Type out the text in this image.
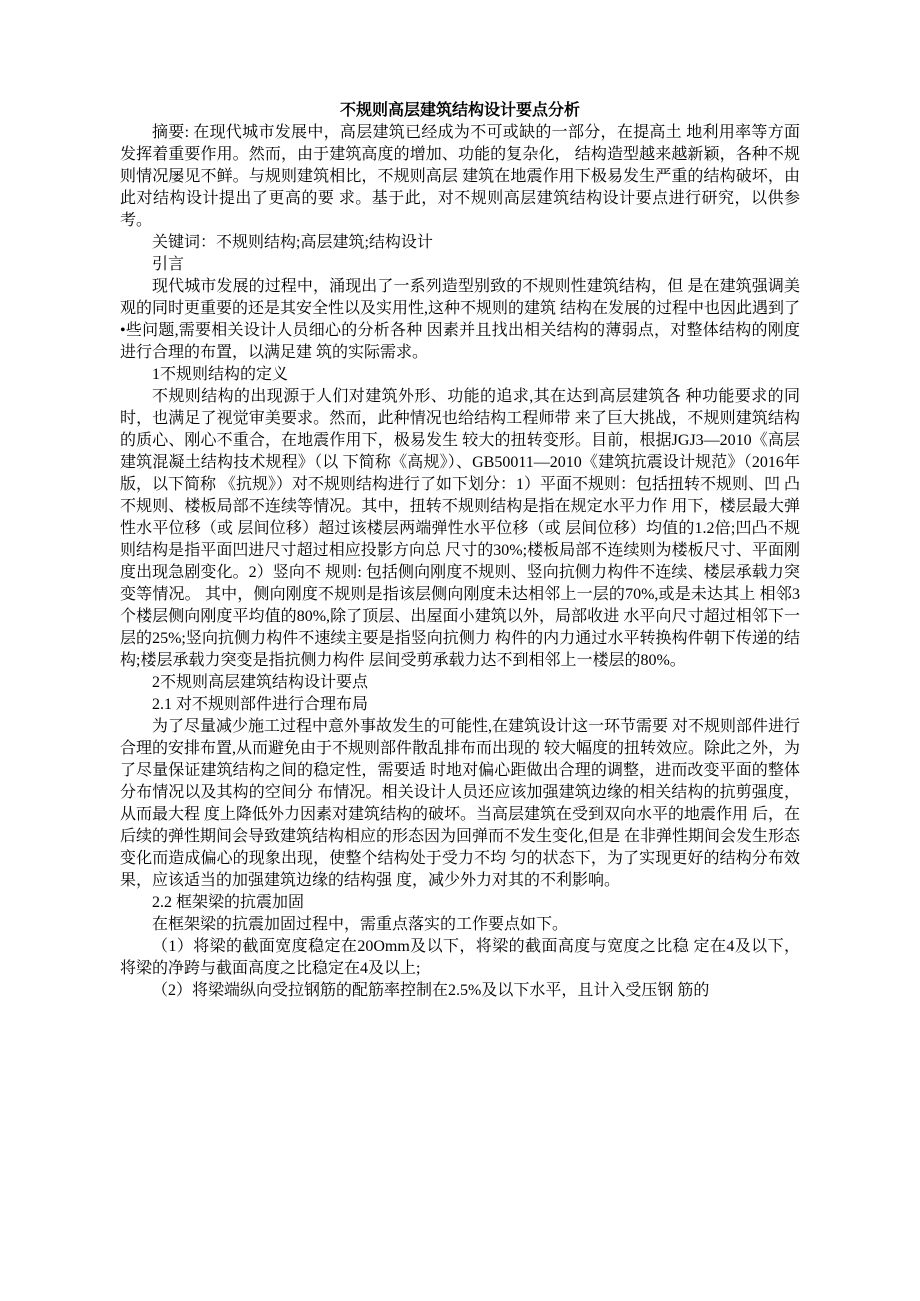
不规则高层建筑结构设计要点分析

摘要: 在现代城市发展中，高层建筑已经成为不可或缺的一部分，在提高土 地利用率等方面发挥着重要作用。然而，由于建筑高度的增加、功能的复杂化， 结构造型越来越新颖，各种不规则情况屡见不鲜。与规则建筑相比，不规则高层 建筑在地震作用下极易发生严重的结构破坏，由此对结构设计提出了更高的要 求。基于此，对不规则高层建筑结构设计要点进行研究，以供参考。

关键词：不规则结构;高层建筑;结构设计

引言

现代城市发展的过程中，涌现出了一系列造型别致的不规则性建筑结构，但 是在建筑强调美观的同时更重要的还是其安全性以及实用性,这种不规则的建筑 结构在发展的过程中也因此遇到了 •些问题,需要相关设计人员细心的分析各种 因素并且找出相关结构的薄弱点，对整体结构的刚度进行合理的布置，以满足建 筑的实际需求。

1不规则结构的定义

不规则结构的出现源于人们对建筑外形、功能的追求,其在达到高层建筑各 种功能要求的同时，也满足了视觉审美要求。然而，此种情况也给结构工程师带 来了巨大挑战，不规则建筑结构的质心、刚心不重合，在地震作用下，极易发生 较大的扭转变形。目前，根据JGJ3—2010《高层建筑混凝土结构技术规程》（以 下简称《高规》）、GB50011—2010《建筑抗震设计规范》（2016年版，以下简称 《抗规》）对不规则结构进行了如下划分：1）平面不规则：包括扭转不规则、凹 凸不规则、楼板局部不连续等情况。其中，扭转不规则结构是指在规定水平力作 用下，楼层最大弹性水平位移（或 层间位移）超过该楼层两端弹性水平位移（或 层间位移）均值的1.2倍;凹凸不规则结构是指平面凹进尺寸超过相应投影方向总 尺寸的30%;楼板局部不连续则为楼板尺寸、平面刚度出现急剧变化。2）竖向不 规则: 包括侧向刚度不规则、竖向抗侧力构件不连续、楼层承载力突变等情况。 其中，侧向刚度不规则是指该层侧向刚度未达相邻上一层的70%,或是未达其上 相邻3个楼层侧向刚度平均值的80%,除了顶层、出屋面小建筑以外，局部收进 水平向尺寸超过相邻下一层的25%;竖向抗侧力构件不速续主要是指竖向抗侧力 构件的内力通过水平转换构件朝下传递的结构;楼层承载力突变是指抗侧力构件 层间受剪承载力达不到相邻上一楼层的80%。

2不规则高层建筑结构设计要点

2.1 对不规则部件进行合理布局

为了尽量减少施工过程中意外事故发生的可能性,在建筑设计这一环节需要 对不规则部件进行合理的安排布置,从而避免由于不规则部件散乱排布而出现的 较大幅度的扭转效应。除此之外，为了尽量保证建筑结构之间的稳定性，需要适 时地对偏心距做出合理的调整，进而改变平面的整体分布情况以及其构的空间分 布情况。相关设计人员还应该加强建筑边缘的相关结构的抗剪强度，从而最大程 度上降低外力因素对建筑结构的破坏。当高层建筑在受到双向水平的地震作用 后，在后续的弹性期间会导致建筑结构相应的形态因为回弹而不发生变化,但是 在非弹性期间会发生形态变化而造成偏心的现象出现，使整个结构处于受力不均 匀的状态下，为了实现更好的结构分布效果，应该适当的加强建筑边缘的结构强 度，减少外力对其的不利影响。

2.2 框架梁的抗震加固

在框架梁的抗震加固过程中，需重点落实的工作要点如下。

（1）将梁的截面宽度稳定在20Omm及以下，将梁的截面高度与宽度之比稳 定在4及以下，将梁的净跨与截面高度之比稳定在4及以上;

（2）将梁端纵向受拉钢筋的配筋率控制在2.5%及以下水平，且计入受压钢 筋的
